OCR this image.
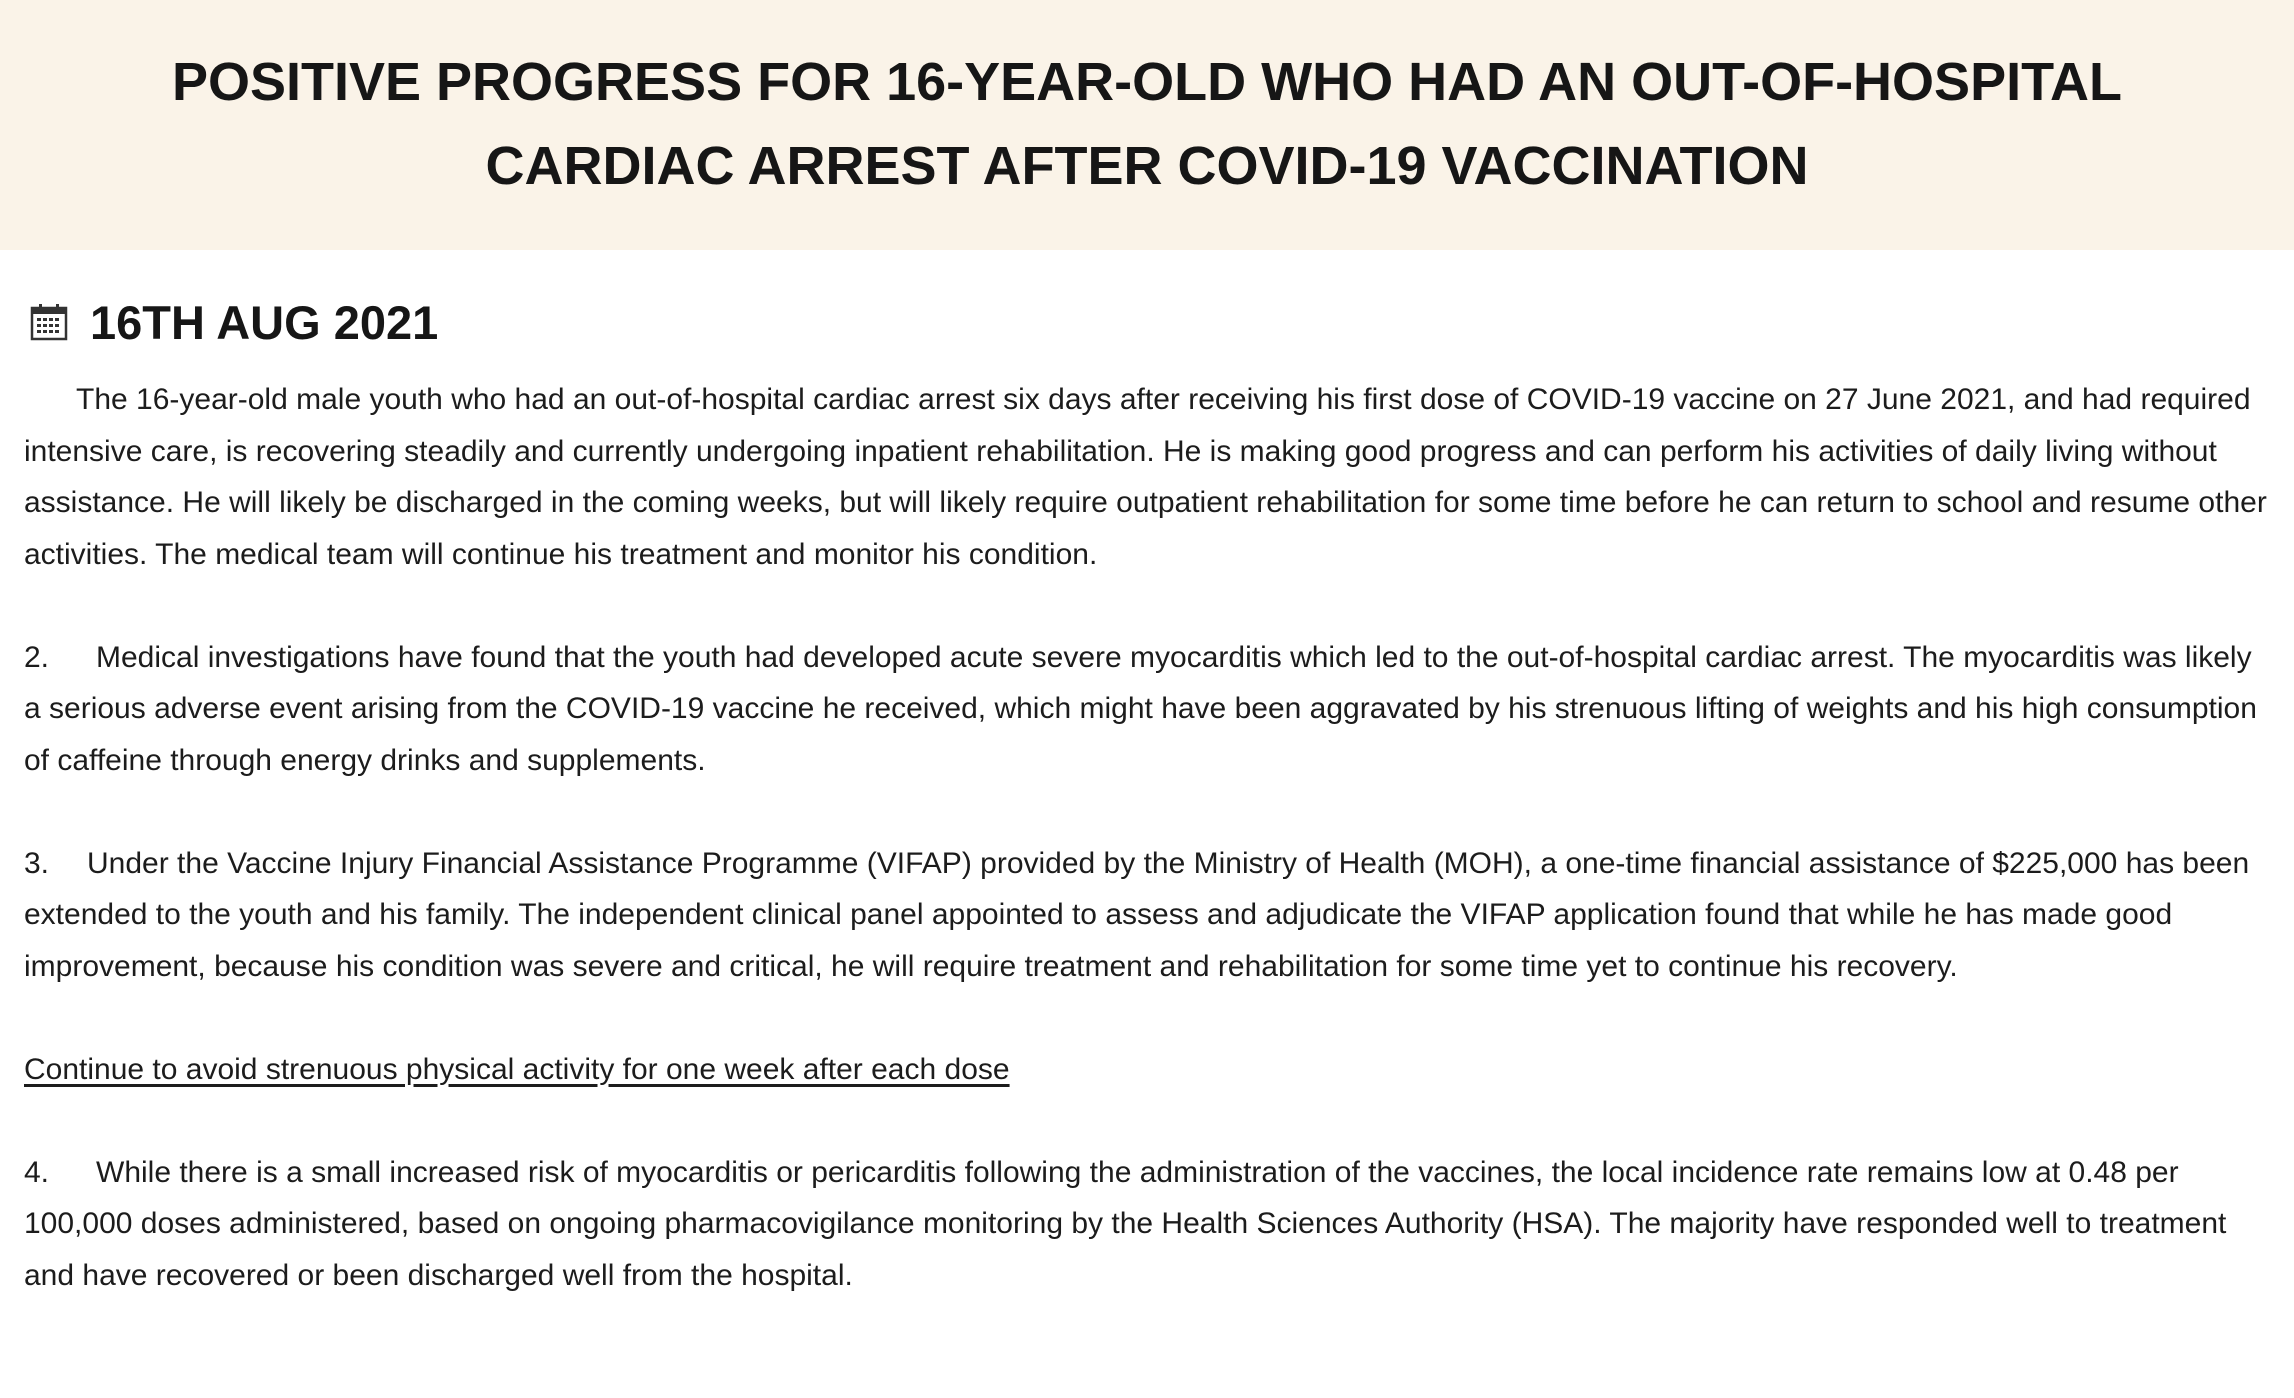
POSITIVE PROGRESS FOR 16-YEAR-OLD WHO HAD AN OUT-OF-HOSPITAL
CARDIAC ARREST AFTER COVID-19 VACCINATION
16TH AUG 2021

The 16-year-old male youth who had an out-of-hospital cardiac arrest six days after receiving his first dose of COVID-19 vaccine on 27 June 2021, and had required intensive care, is recovering steadily and currently undergoing inpatient rehabilitation. He is making good progress and can perform his activities of daily living without assistance. He will likely be discharged in the coming weeks, but will likely require outpatient rehabilitation for some time before he can return to school and resume other activities. The medical team will continue his treatment and monitor his condition.

2. Medical investigations have found that the youth had developed acute severe myocarditis which led to the out-of-hospital cardiac arrest. The myocarditis was likely a serious adverse event arising from the COVID-19 vaccine he received, which might have been aggravated by his strenuous lifting of weights and his high consumption of caffeine through energy drinks and supplements.

3. Under the Vaccine Injury Financial Assistance Programme (VIFAP) provided by the Ministry of Health (MOH), a one-time financial assistance of $225,000 has been extended to the youth and his family. The independent clinical panel appointed to assess and adjudicate the VIFAP application found that while he has made good improvement, because his condition was severe and critical, he will require treatment and rehabilitation for some time yet to continue his recovery.

Continue to avoid strenuous physical activity for one week after each dose

4. While there is a small increased risk of myocarditis or pericarditis following the administration of the vaccines, the local incidence rate remains low at 0.48 per 100,000 doses administered, based on ongoing pharmacovigilance monitoring by the Health Sciences Authority (HSA). The majority have responded well to treatment and have recovered or been discharged well from the hospital.
